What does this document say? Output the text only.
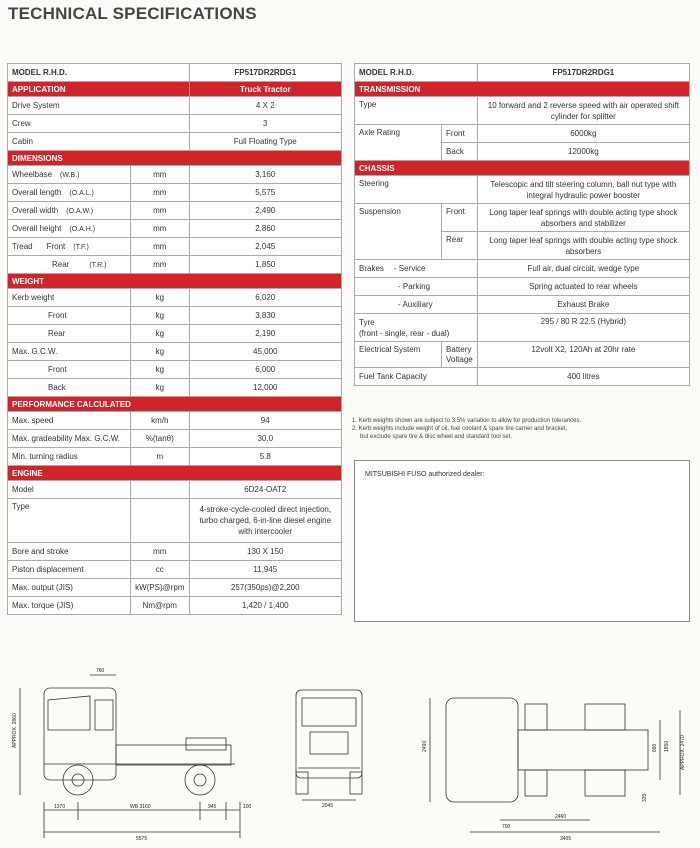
TECHNICAL SPECIFICATIONS
MODEL R.H.D.		FP517DR2RDG1
APPLICATION		Truck Tractor
Drive System		4 X 2
Crew		3
Cabin		Full Floating Type
DIMENSIONS		
Wheelbase (W.B.)	mm	3,160
Overall length (O.A.L.)	mm	5,575
Overall width (O.A.W.)	mm	2,490
Overall height (O.A.H.)	mm	2,860
Tread Front (T.F.)	mm	2,045
Rear (T.R.)	mm	1,850
WEIGHT		
Kerb weight	kg	6,020
Front	kg	3,830
Rear	kg	2,190
Max. G.C.W.	kg	45,000
Front	kg	6,000
Back	kg	12,000
PERFORMANCE CALCULATED		
Max. speed	km/h	94
Max. gradeability Max. G.C.W.	%(tanθ)	30.0
Min. turning radius	m	5.8
ENGINE		
Model		6D24-OAT2
Type		4-stroke-cycle-cooled direct injection, turbo charged, 6-in-line diesel engine with intercooler
Bore and stroke	mm	130 X 150
Piston displacement	cc	11,945
Max. output (JIS)	kW(PS)@rpm	257(350ps)@2,200
Max. torque (JIS)	Nm@rpm	1,420 / 1,400
MODEL R.H.D.		FP517DR2RDG1
TRANSMISSION		
Type		10 forward and 2 reverse speed with air operated shift cylinder for splitter
Axle Rating	Front	6000kg
	Back	12000kg
CHASSIS		
Steering		Telescopic and tilt steering column, ball nut type with integral hydraulic power booster
Suspension	Front	Long taper leaf springs with double acting type shock absorbers and stabilizer
	Rear	Long taper leaf springs with double acting type shock absorbers
Brakes - Service		Full air, dual circuit, wedge type
- Parking		Spring actuated to rear wheels
- Auxiliary		Exhaust Brake

Tyre
(front - single, rear - dual)		295 / 80 R 22.5 (Hybrid)
Electrical System	Battery Voltage	12volt X2, 120Ah at 20hr rate
Fuel Tank Capacity		400 litres
1. Kerb weights shown are subject to 3.5% variation to allow for production tolerances.
2. Kerb weights include weight of oil, fuel coolant & spare tire carrier and bracket,
but exclude spare tire & disc wheel and standard tool set.
MITSUBISHI FUSO authorized dealer:
760
APPROX. 2860
1370	WB 3160	945	100
5575
2045
2490	890 1850 APPROX. 2470
335
700
2460
3405
